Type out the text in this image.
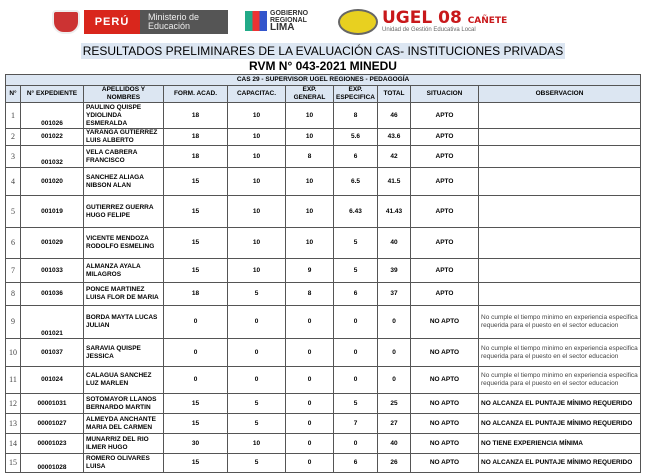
PERÚ	Ministerio de Educación
GOBIERNO REGIONAL
LIMA	UGEL 08 CAÑETE
Unidad de Gestión Educativa Local
RESULTADOS PRELIMINARES DE LA EVALUACIÓN CAS- INSTITUCIONES PRIVADAS
RVM N° 043-2021 MINEDU
CAS 29 - SUPERVISOR UGEL REGIONES - PEDAGOGÍA									
N°	N° EXPEDIENTE	APELLIDOS Y NOMBRES	FORM. ACAD.	CAPACITAC.	EXP. GENERAL	EXP. ESPECIFICA	TOTAL	SITUACION	OBSERVACION
1	001026	PAULINO QUISPE YDIOLINDA ESMERALDA	18	10	10	8	46	APTO	
2	001022	YARANGA GUTIERREZ LUIS ALBERTO	18	10	10	5.6	43.6	APTO	
3	001032	VELA CABRERA FRANCISCO	18	10	8	6	42	APTO	
4	001020	SANCHEZ ALIAGA NIBSON ALAN	15	10	10	6.5	41.5	APTO	
5	001019	GUTIERREZ GUERRA HUGO FELIPE	15	10	10	6.43	41.43	APTO	
6	001029	VICENTE MENDOZA RODOLFO ESMELING	15	10	10	5	40	APTO	
7	001033	ALMANZA AYALA MILAGROS	15	10	9	5	39	APTO	
8	001036	PONCE MARTINEZ LUISA FLOR DE MARIA	18	5	8	6	37	APTO	
9	001021	BORDA MAYTA LUCAS JULIAN	0	0	0	0	0	NO APTO	No cumple el tiempo minimo en experiencia especifica requerida para el puesto en el sector educacion
10	001037	SARAVIA QUISPE JESSICA	0	0	0	0	0	NO APTO	No cumple el tiempo minimo en experiencia especifica requerida para el puesto en el sector educacion
11	001024	CALAGUA SANCHEZ LUZ MARLEN	0	0	0	0	0	NO APTO	No cumple el tiempo minimo en experiencia especifica requerida para el puesto en el sector educacion
12	00001031	SOTOMAYOR LLANOS BERNARDO MARTIN	15	5	0	5	25	NO APTO	NO ALCANZA EL PUNTAJE MÍNIMO REQUERIDO
13	00001027	ALMEYDA ANCHANTE MARIA DEL CARMEN	15	5	0	7	27	NO APTO	NO ALCANZA EL PUNTAJE MÍNIMO REQUERIDO
14	00001023	MUNARRIZ DEL RIO ILMER HUGO	30	10	0	0	40	NO APTO	NO TIENE EXPERIENCIA MÍNIMA
15	00001028	ROMERO OLIVARES LUISA	15	5	0	6	26	NO APTO	NO ALCANZA EL PUNTAJE MÍNIMO REQUERIDO
